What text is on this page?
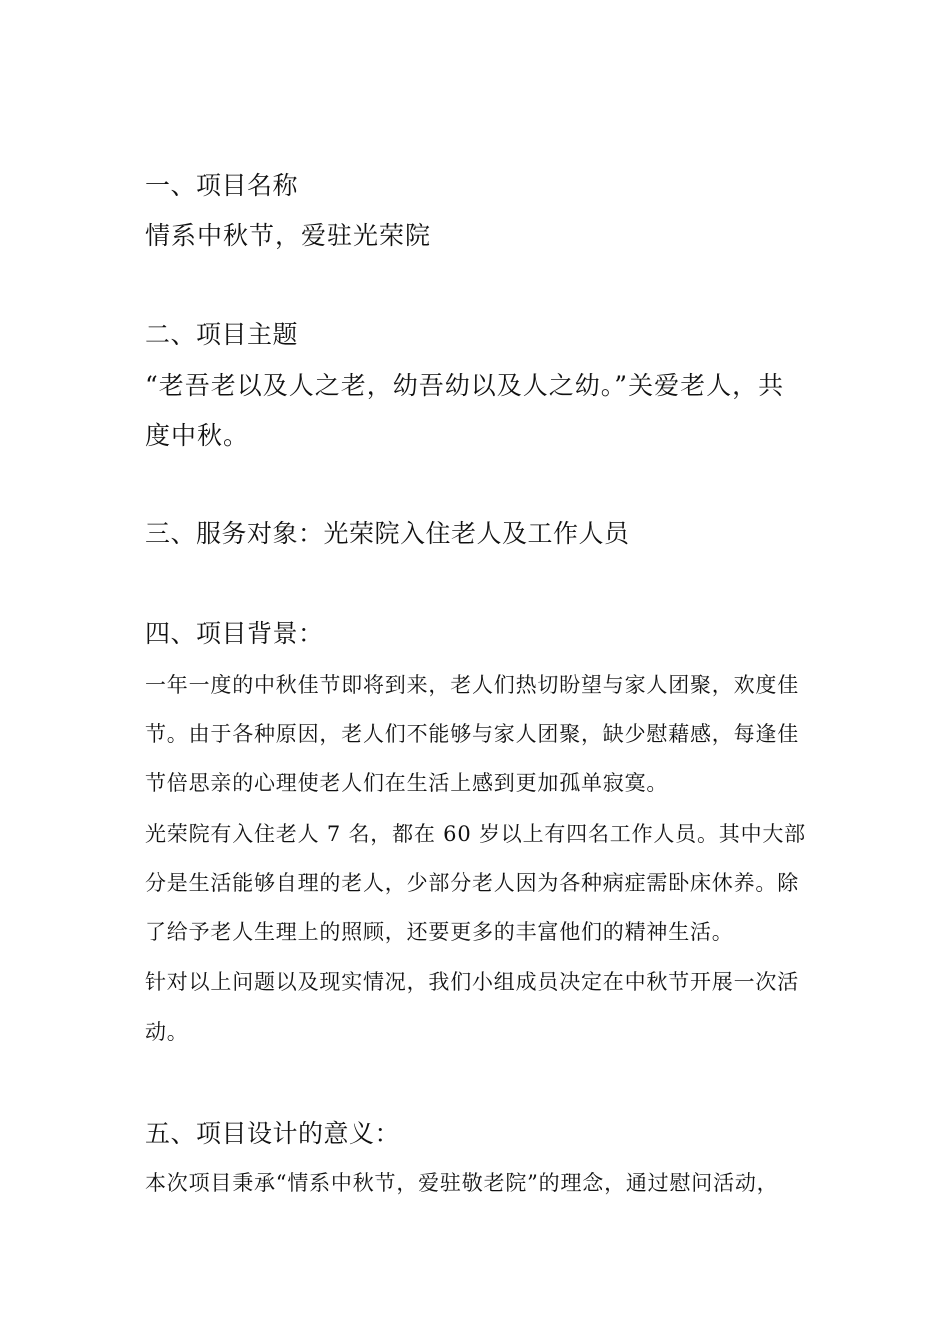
一、项目名称
情系中秋节，爱驻光荣院
二、项目主题
“老吾老以及人之老，幼吾幼以及人之幼。”关爱老人，共
度中秋。
三、服务对象：光荣院入住老人及工作人员
四、项目背景：
一年一度的中秋佳节即将到来，老人们热切盼望与家人团聚，欢度佳
节。由于各种原因，老人们不能够与家人团聚，缺少慰藉感，每逢佳
节倍思亲的心理使老人们在生活上感到更加孤单寂寞。
光荣院有入住老人 7 名，都在 60 岁以上有四名工作人员。其中大部
分是生活能够自理的老人，少部分老人因为各种病症需卧床休养。除
了给予老人生理上的照顾，还要更多的丰富他们的精神生活。
针对以上问题以及现实情况，我们小组成员决定在中秋节开展一次活
动。
五、项目设计的意义：
本次项目秉承“情系中秋节，爱驻敬老院”的理念，通过慰问活动，
